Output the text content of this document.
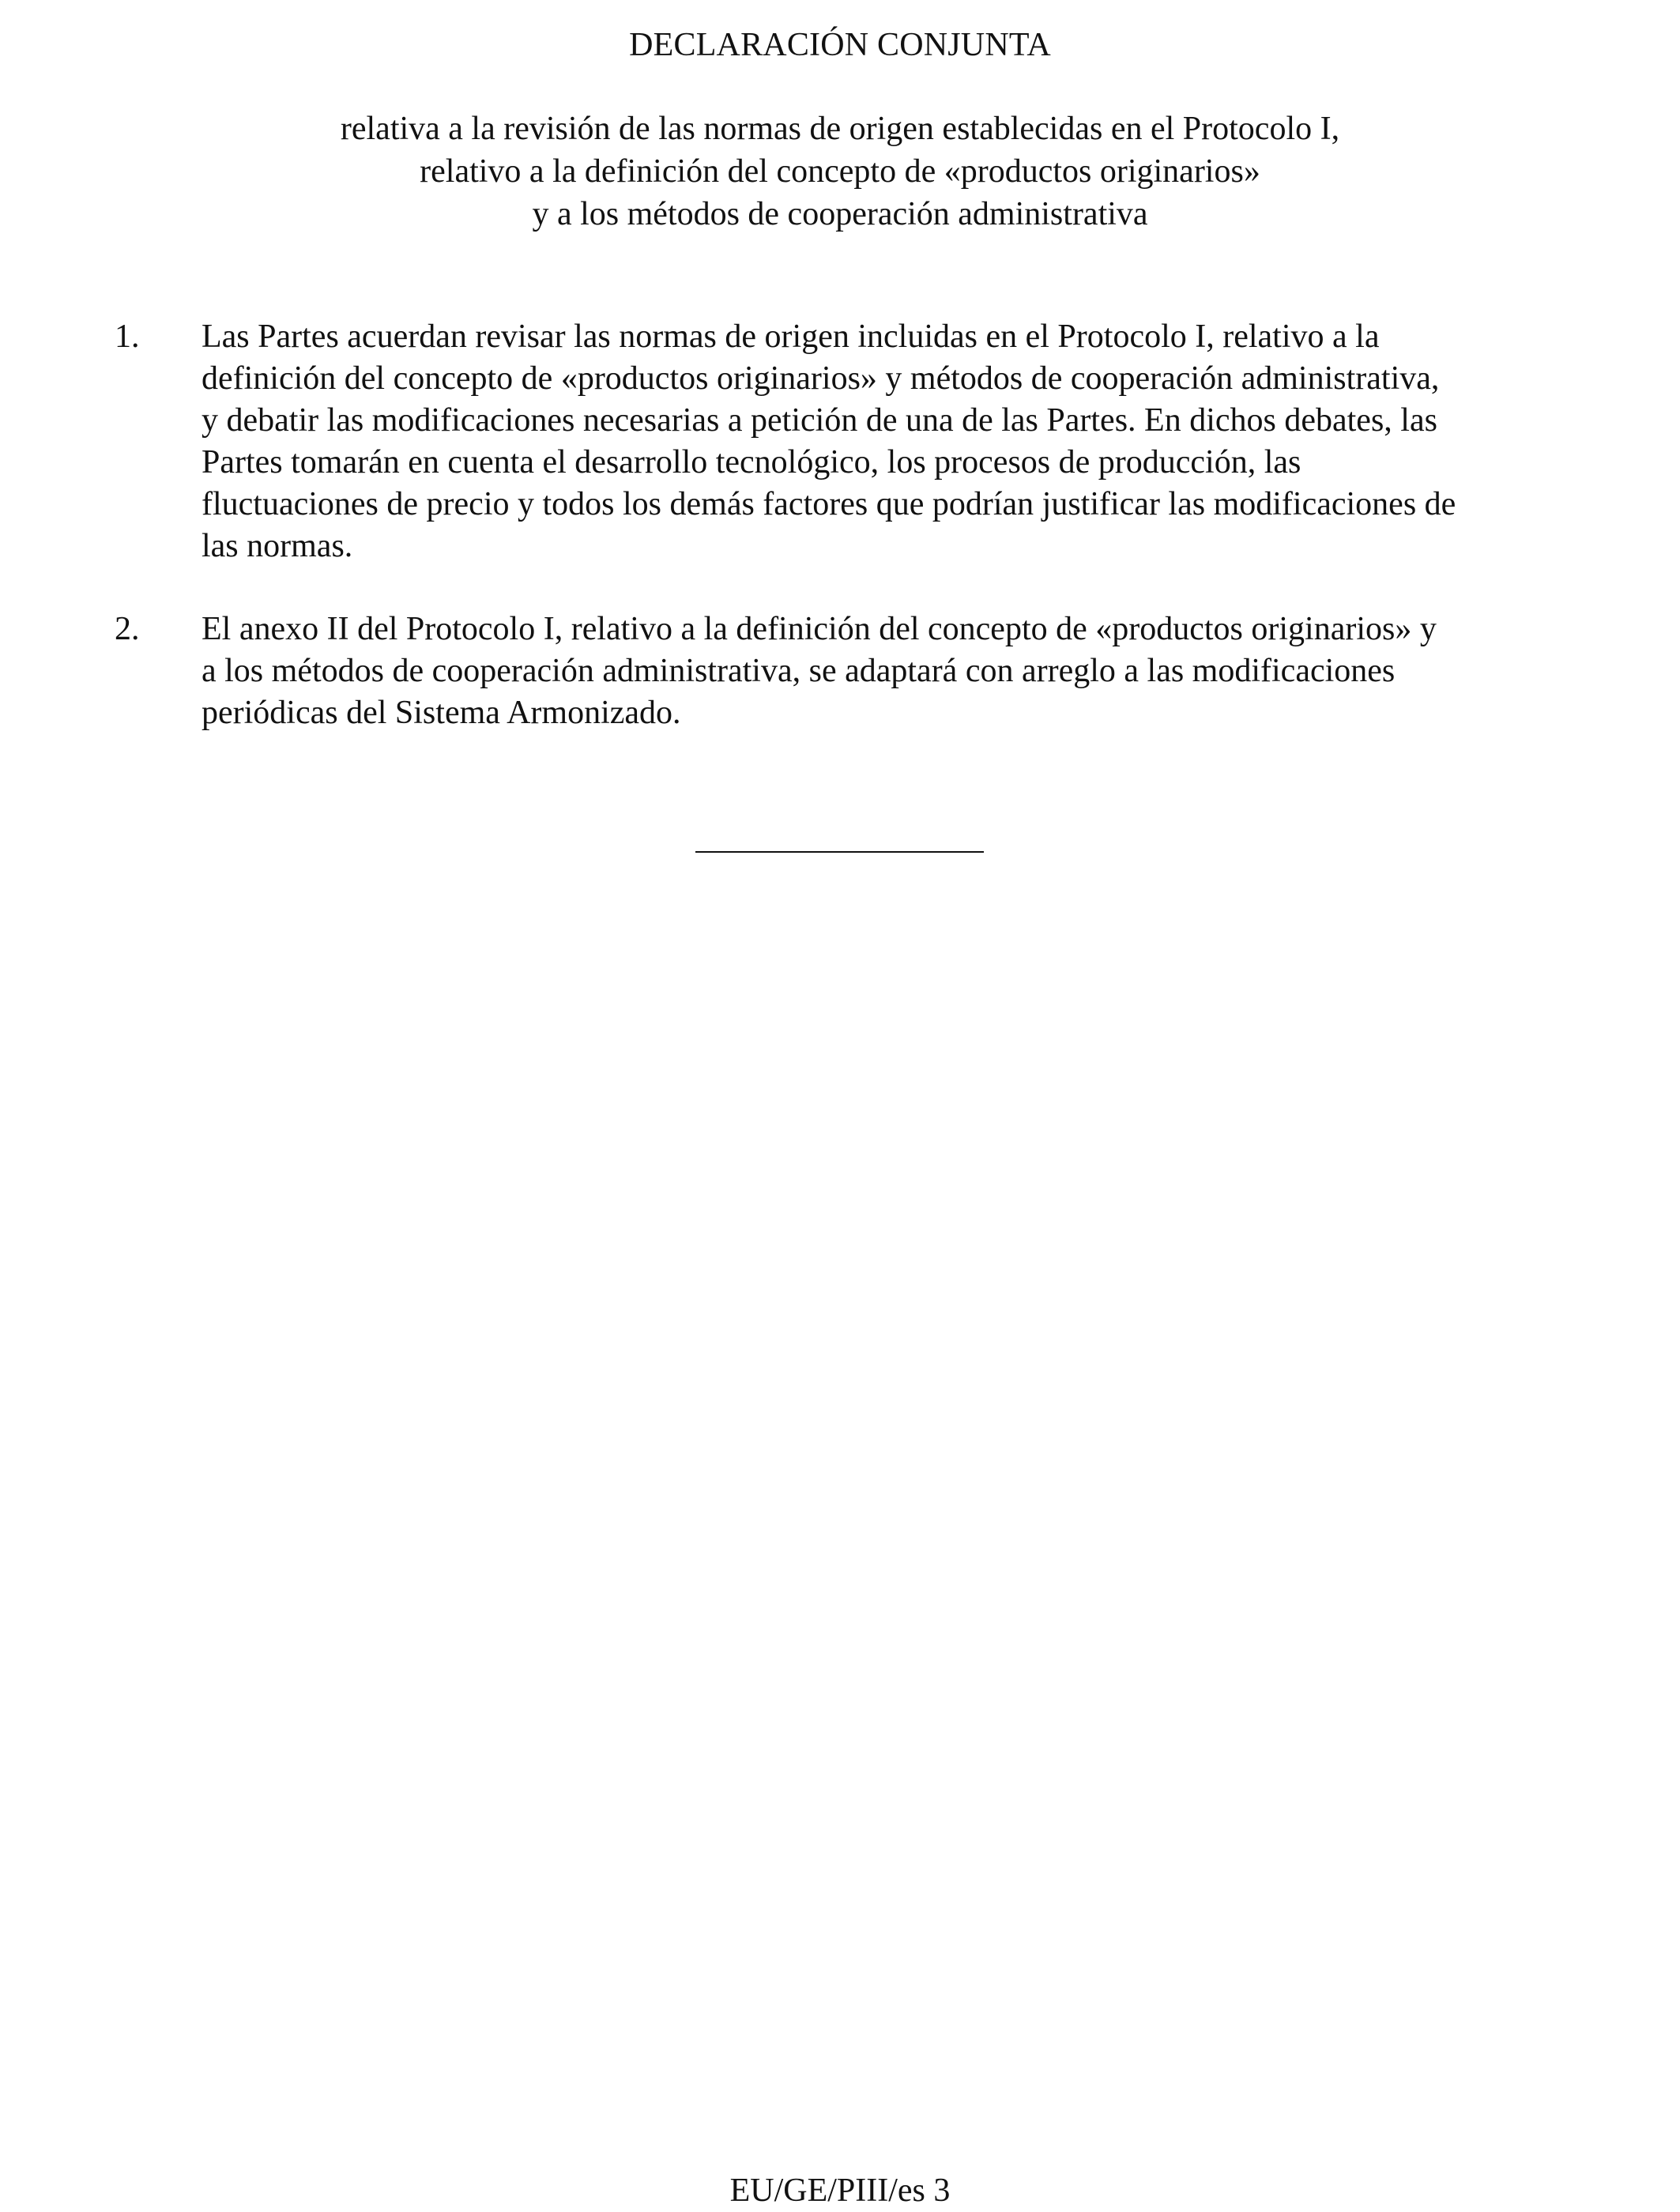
DECLARACIÓN CONJUNTA
relativa a la revisión de las normas de origen establecidas en el Protocolo I,
relativo a la definición del concepto de «productos originarios»
y a los métodos de cooperación administrativa
1. Las Partes acuerdan revisar las normas de origen incluidas en el Protocolo I, relativo a la
definición del concepto de «productos originarios» y métodos de cooperación administrativa,
y debatir las modificaciones necesarias a petición de una de las Partes. En dichos debates, las
Partes tomarán en cuenta el desarrollo tecnológico, los procesos de producción, las
fluctuaciones de precio y todos los demás factores que podrían justificar las modificaciones de
las normas.
2. El anexo II del Protocolo I, relativo a la definición del concepto de «productos originarios» y
a los métodos de cooperación administrativa, se adaptará con arreglo a las modificaciones
periódicas del Sistema Armonizado.
EU/GE/PIII/es 3
